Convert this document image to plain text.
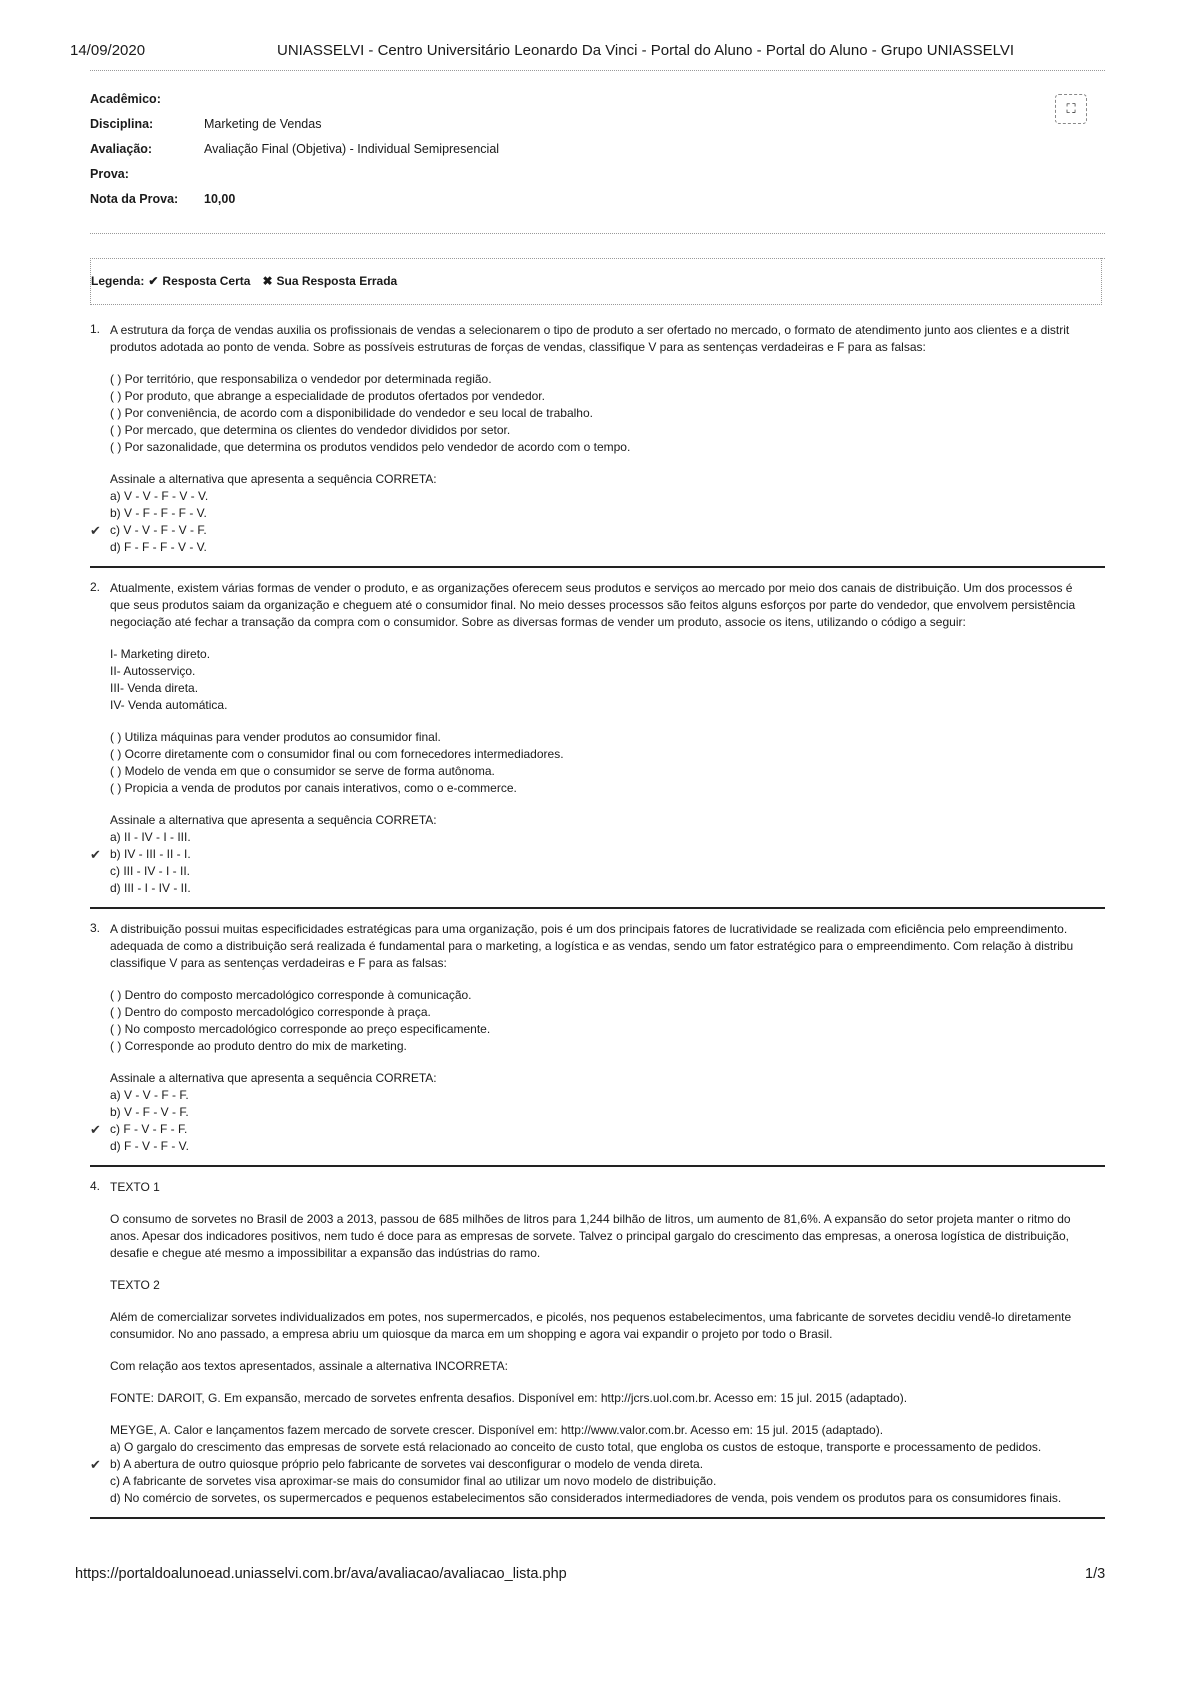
14/09/2020	UNIASSELVI - Centro Universitário Leonardo Da Vinci - Portal do Aluno - Portal do Aluno - Grupo UNIASSELVI
Acadêmico:
Disciplina:	Marketing de Vendas
Avaliação:	Avaliação Final (Objetiva) - Individual Semipresencial
Prova:
Nota da Prova:	10,00
⛶
Legenda: ✔ Resposta Certa ✖ Sua Resposta Errada
1. A estrutura da força de vendas auxilia os profissionais de vendas a selecionarem o tipo de produto a ser ofertado no mercado, o formato de atendimento junto aos clientes e a distrit

produtos adotada ao ponto de venda. Sobre as possíveis estruturas de forças de vendas, classifique V para as sentenças verdadeiras e F para as falsas:

( ) Por território, que responsabiliza o vendedor por determinada região.
( ) Por produto, que abrange a especialidade de produtos ofertados por vendedor.
( ) Por conveniência, de acordo com a disponibilidade do vendedor e seu local de trabalho.
( ) Por mercado, que determina os clientes do vendedor divididos por setor.
( ) Por sazonalidade, que determina os produtos vendidos pelo vendedor de acordo com o tempo.
Assinale a alternativa que apresenta a sequência CORRETA:
a) V - V - F - V - V.
b) V - F - F - F - V.
✔ c) V - V - F - V - F.
d) F - F - F - V - V.
2. Atualmente, existem várias formas de vender o produto, e as organizações oferecem seus produtos e serviços ao mercado por meio dos canais de distribuição. Um dos processos é

que seus produtos saiam da organização e cheguem até o consumidor final. No meio desses processos são feitos alguns esforços por parte do vendedor, que envolvem persistência

negociação até fechar a transação da compra com o consumidor. Sobre as diversas formas de vender um produto, associe os itens, utilizando o código a seguir:

I- Marketing direto.
II- Autosserviço.
III- Venda direta.
IV- Venda automática.
( ) Utiliza máquinas para vender produtos ao consumidor final.
( ) Ocorre diretamente com o consumidor final ou com fornecedores intermediadores.
( ) Modelo de venda em que o consumidor se serve de forma autônoma.
( ) Propicia a venda de produtos por canais interativos, como o e-commerce.
Assinale a alternativa que apresenta a sequência CORRETA:
a) II - IV - I - III.
✔ b) IV - III - II - I.
c) III - IV - I - II.
d) III - I - IV - II.
3. A distribuição possui muitas especificidades estratégicas para uma organização, pois é um dos principais fatores de lucratividade se realizada com eficiência pelo empreendimento.

adequada de como a distribuição será realizada é fundamental para o marketing, a logística e as vendas, sendo um fator estratégico para o empreendimento. Com relação à distribu

classifique V para as sentenças verdadeiras e F para as falsas:

( ) Dentro do composto mercadológico corresponde à comunicação.
( ) Dentro do composto mercadológico corresponde à praça.
( ) No composto mercadológico corresponde ao preço especificamente.
( ) Corresponde ao produto dentro do mix de marketing.
Assinale a alternativa que apresenta a sequência CORRETA:
a) V - V - F - F.
b) V - F - V - F.
✔ c) F - V - F - F.
d) F - V - F - V.
4. TEXTO 1

O consumo de sorvetes no Brasil de 2003 a 2013, passou de 685 milhões de litros para 1,244 bilhão de litros, um aumento de 81,6%. A expansão do setor projeta manter o ritmo do

anos. Apesar dos indicadores positivos, nem tudo é doce para as empresas de sorvete. Talvez o principal gargalo do crescimento das empresas, a onerosa logística de distribuição,

desafie e chegue até mesmo a impossibilitar a expansão das indústrias do ramo.

TEXTO 2

Além de comercializar sorvetes individualizados em potes, nos supermercados, e picolés, nos pequenos estabelecimentos, uma fabricante de sorvetes decidiu vendê-lo diretamente

consumidor. No ano passado, a empresa abriu um quiosque da marca em um shopping e agora vai expandir o projeto por todo o Brasil.

Com relação aos textos apresentados, assinale a alternativa INCORRETA:

FONTE: DAROIT, G. Em expansão, mercado de sorvetes enfrenta desafios. Disponível em: http://jcrs.uol.com.br. Acesso em: 15 jul. 2015 (adaptado).

MEYGE, A. Calor e lançamentos fazem mercado de sorvete crescer. Disponível em: http://www.valor.com.br. Acesso em: 15 jul. 2015 (adaptado).

a) O gargalo do crescimento das empresas de sorvete está relacionado ao conceito de custo total, que engloba os custos de estoque, transporte e processamento de pedidos.
✔ b) A abertura de outro quiosque próprio pelo fabricante de sorvetes vai desconfigurar o modelo de venda direta.
c) A fabricante de sorvetes visa aproximar-se mais do consumidor final ao utilizar um novo modelo de distribuição.
d) No comércio de sorvetes, os supermercados e pequenos estabelecimentos são considerados intermediadores de venda, pois vendem os produtos para os consumidores finais.
https://portaldoalunoead.uniasselvi.com.br/ava/avaliacao/avaliacao_lista.php	1/3
